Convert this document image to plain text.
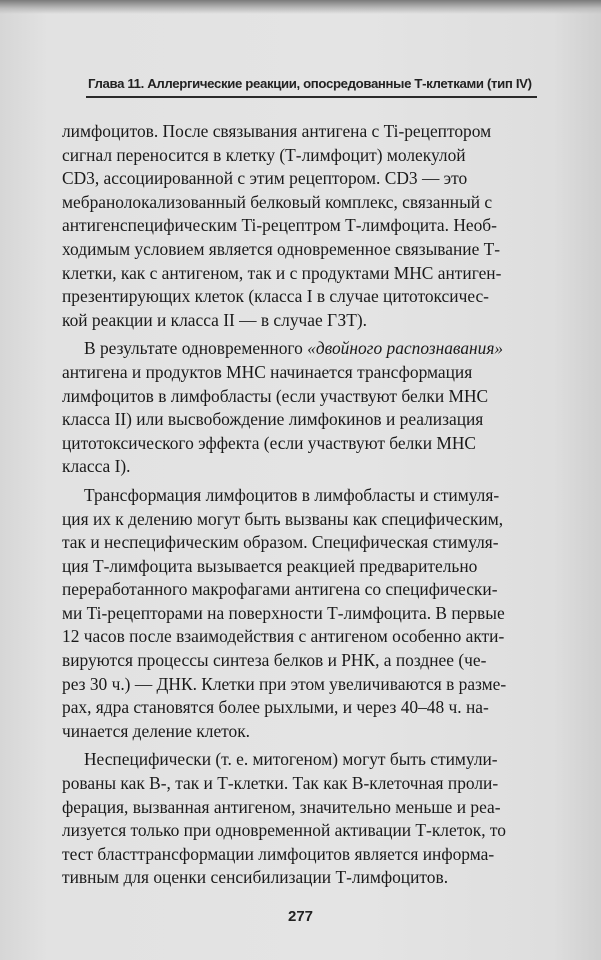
Глава 11. Аллергические реакции, опосредованные Т-клетками (тип IV)
лимфоцитов. После связывания антигена с Ti-рецептором
сигнал переносится в клетку (Т-лимфоцит) молекулой
CD3, ассоциированной с этим рецептором. CD3 — это
мебранолокализованный белковый комплекс, связанный с
антигенспецифическим Ti-рецептром Т-лимфоцита. Необ-
ходимым условием является одновременное связывание Т-
клетки, как с антигеном, так и с продуктами МНС антиген-
презентирующих клеток (класса I в случае цитотоксичес-
кой реакции и класса II — в случае ГЗТ).
В результате одновременного «двойного распознавания»
антигена и продуктов МНС начинается трансформация
лимфоцитов в лимфобласты (если участвуют белки МНС
класса II) или высвобождение лимфокинов и реализация
цитотоксического эффекта (если участвуют белки МНС
класса I).
Трансформация лимфоцитов в лимфобласты и стимуля-
ция их к делению могут быть вызваны как специфическим,
так и неспецифическим образом. Специфическая стимуля-
ция Т-лимфоцита вызывается реакцией предварительно
переработанного макрофагами антигена со специфически-
ми Ti-рецепторами на поверхности Т-лимфоцита. В первые
12 часов после взаимодействия с антигеном особенно акти-
вируются процессы синтеза белков и РНК, а позднее (че-
рез 30 ч.) — ДНК. Клетки при этом увеличиваются в разме-
рах, ядра становятся более рыхлыми, и через 40–48 ч. на-
чинается деление клеток.
Неспецифически (т. е. митогеном) могут быть стимули-
рованы как В-, так и Т-клетки. Так как В-клеточная проли-
ферация, вызванная антигеном, значительно меньше и реа-
лизуется только при одновременной активации Т-клеток, то
тест бласттрансформации лимфоцитов является информа-
тивным для оценки сенсибилизации Т-лимфоцитов.
277
